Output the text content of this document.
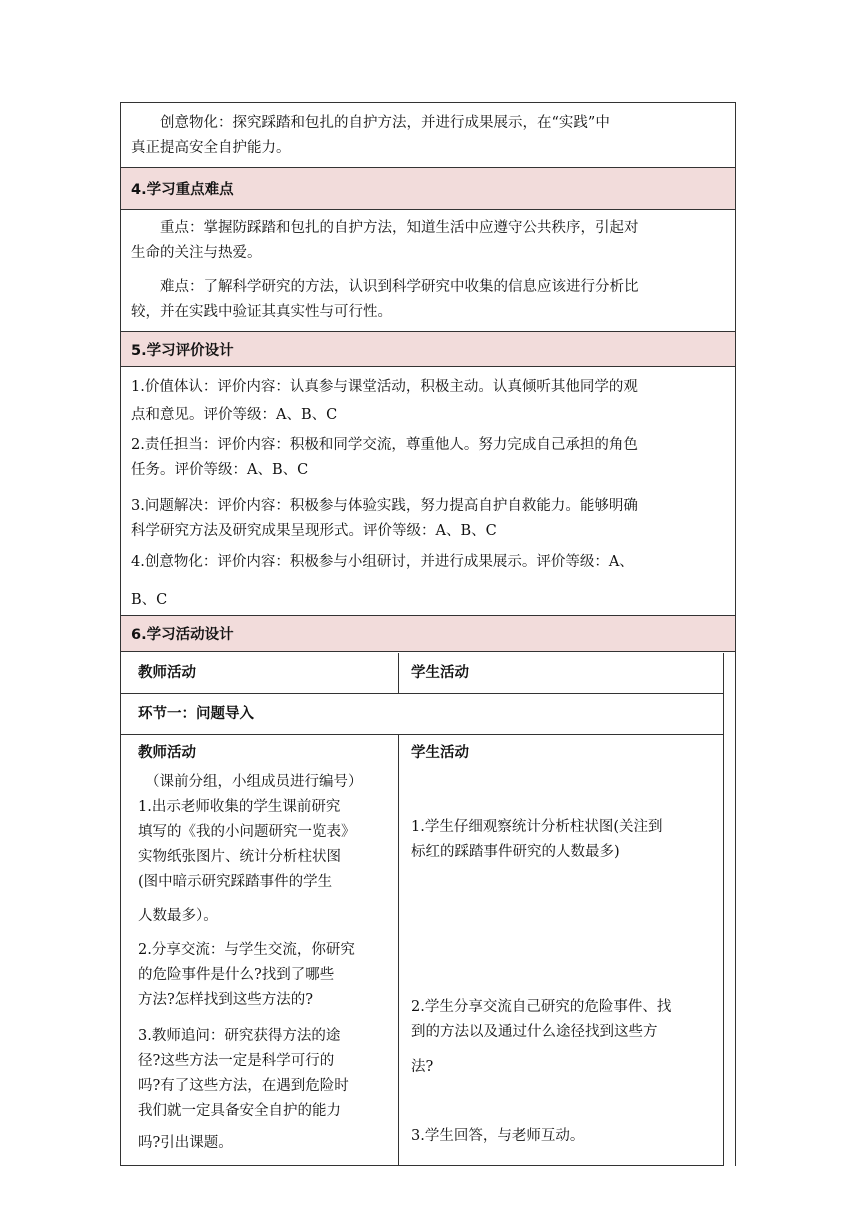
创意物化：探究踩踏和包扎的自护方法，并进行成果展示，在“实践”中

真正提高安全自护能力。

4.学习重点难点

重点：掌握防踩踏和包扎的自护方法，知道生活中应遵守公共秩序，引起对

生命的关注与热爱。

难点：了解科学研究的方法，认识到科学研究中收集的信息应该进行分析比

较，并在实践中验证其真实性与可行性。

5.学习评价设计

1.价值体认：评价内容：认真参与课堂活动，积极主动。认真倾听其他同学的观

点和意见。评价等级：A、B、C

2.责任担当：评价内容：积极和同学交流，尊重他人。努力完成自己承担的角色

任务。评价等级：A、B、C

3.问题解决：评价内容：积极参与体验实践，努力提高自护自救能力。能够明确

科学研究方法及研究成果呈现形式。评价等级：A、B、C

4.创意物化：评价内容：积极参与小组研讨，并进行成果展示。评价等级：A、

B、C

6.学习活动设计
教师活动	学生活动
环节一：问题导入
教师活动
（课前分组，小组成员进行编号）
1.出示老师收集的学生课前研究
填写的《我的小问题研究一览表》
实物纸张图片、统计分析柱状图
(图中暗示研究踩踏事件的学生
人数最多）。
2.分享交流：与学生交流，你研究
的危险事件是什么?找到了哪些
方法?怎样找到这些方法的?
3.教师追问：研究获得方法的途
径?这些方法一定是科学可行的
吗?有了这些方法，在遇到危险时
我们就一定具备安全自护的能力
吗?引出课题。
学生活动
1.学生仔细观察统计分析柱状图(关注到
标红的踩踏事件研究的人数最多)
2.学生分享交流自己研究的危险事件、找
到的方法以及通过什么途径找到这些方
法?
3.学生回答，与老师互动。
